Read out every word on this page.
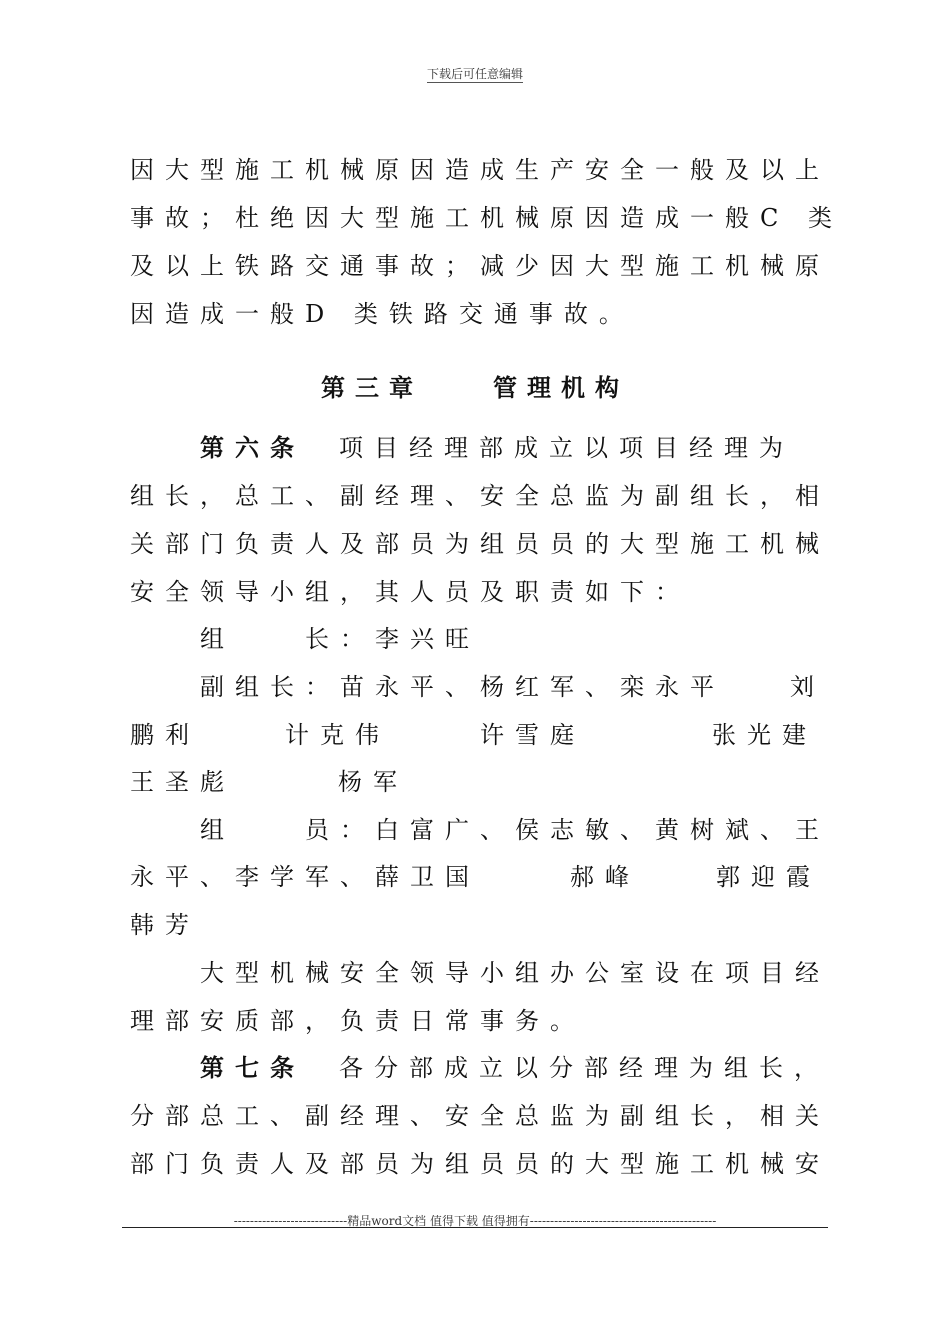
下载后可任意编辑
因大型施工机械原因造成生产安全一般及以上
事故；杜绝因大型施工机械原因造成一般C 类
及以上铁路交通事故；减少因大型施工机械原
因造成一般D 类铁路交通事故。
第三章	管理机构
第六条 项目经理部成立以项目经理为
组长，总工、副经理、安全总监为副组长，相
关部门负责人及部员为组员员的大型施工机械
安全领导小组，其人员及职责如下：
组	长：李兴旺
副组长：苗永平、杨红军、栾永平	刘
鹏利	计克伟	许雪庭	张光建
王圣彪	杨军
组	员：白富广、侯志敏、黄树斌、王
永平、李学军、薛卫国	郝峰	郭迎霞
韩芳
大型机械安全领导小组办公室设在项目经
理部安质部，负责日常事务。
第七条 各分部成立以分部经理为组长，
分部总工、副经理、安全总监为副组长，相关
部门负责人及部员为组员员的大型施工机械安
----------------------------精品word文档 值得下载 值得拥有----------------------------------------------
